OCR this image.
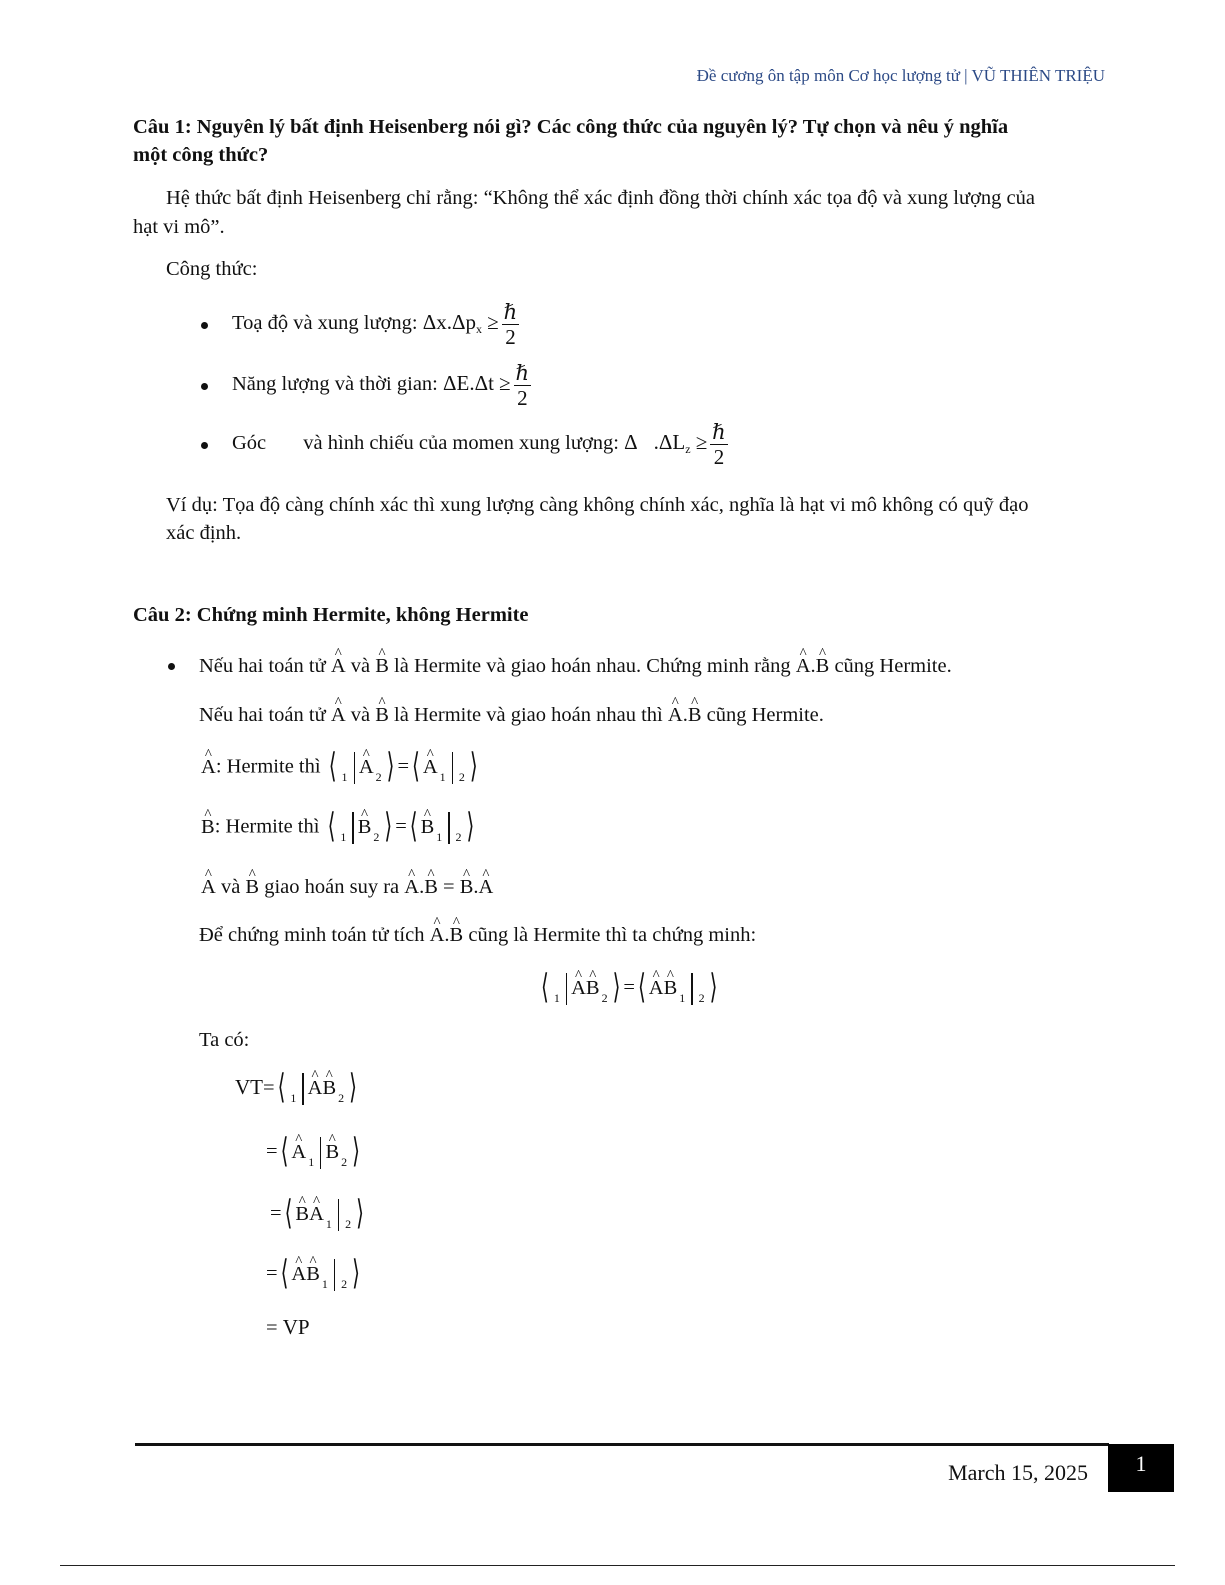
Đề cương ôn tập môn Cơ học lượng tử | VŨ THIÊN TRIỆU
Câu 1: Nguyên lý bất định Heisenberg nói gì? Các công thức của nguyên lý? Tự chọn và nêu ý nghĩa
một công thức?
Hệ thức bất định Heisenberg chỉ rằng: “Không thể xác định đồng thời chính xác tọa độ và xung lượng của
hạt vi mô”.
Công thức:
Toạ độ và xung lượng: $\Delta x.\Delta p_x \ge \frac{\text{ℏ}}{2}$
Năng lượng và thời gian: $\Delta E.\Delta t \ge \frac{\text{ℏ}}{2}$
Góc và hình chiếu của momen xung lượng: Δ $.\Delta L_z \ge \frac{\text{ℏ}}{2}$
Ví dụ: Tọa độ càng chính xác thì xung lượng càng không chính xác, nghĩa là hạt vi mô không có quỹ đạo
xác định.
Câu 2: Chứng minh Hermite, không Hermite
Nếu hai toán tử ^ A và ^ B là Hermite và giao hoán nhau. Chứng minh rằng ^ A.^ B cũng Hermite.
Nếu hai toán tử ^ A và ^ B là Hermite và giao hoán nhau thì ^ A.^ B cũng Hermite.
^ A: Hermite thì ⟨ $_1$ ^ A $_2$ ⟩ = ⟨ ^ A $_1$ $_2$ ⟩
^ B: Hermite thì ⟨ $_1$ ^ B $_2$ ⟩ = ⟨ ^ B $_1$ $_2$ ⟩
^ A và ^ B giao hoán suy ra ^ A.^ B = ^ B.^ A
Để chứng minh toán tử tích ^ A.^ B cũng là Hermite thì ta chứng minh:
⟨ $_1$ ^ A^ B $_2$ ⟩ = ⟨ ^ A^ B $_1$ $_2$ ⟩
Ta có:
VT= ⟨ $_1$ ^ A^ B $_2$ ⟩
= ⟨ ^ A $_1$ ^ B $_2$ ⟩
= ⟨ ^ B^ A $_1$ $_2$ ⟩
= ⟨ ^ A^ B $_1$ $_2$ ⟩
= VP
March 15, 2025	1
